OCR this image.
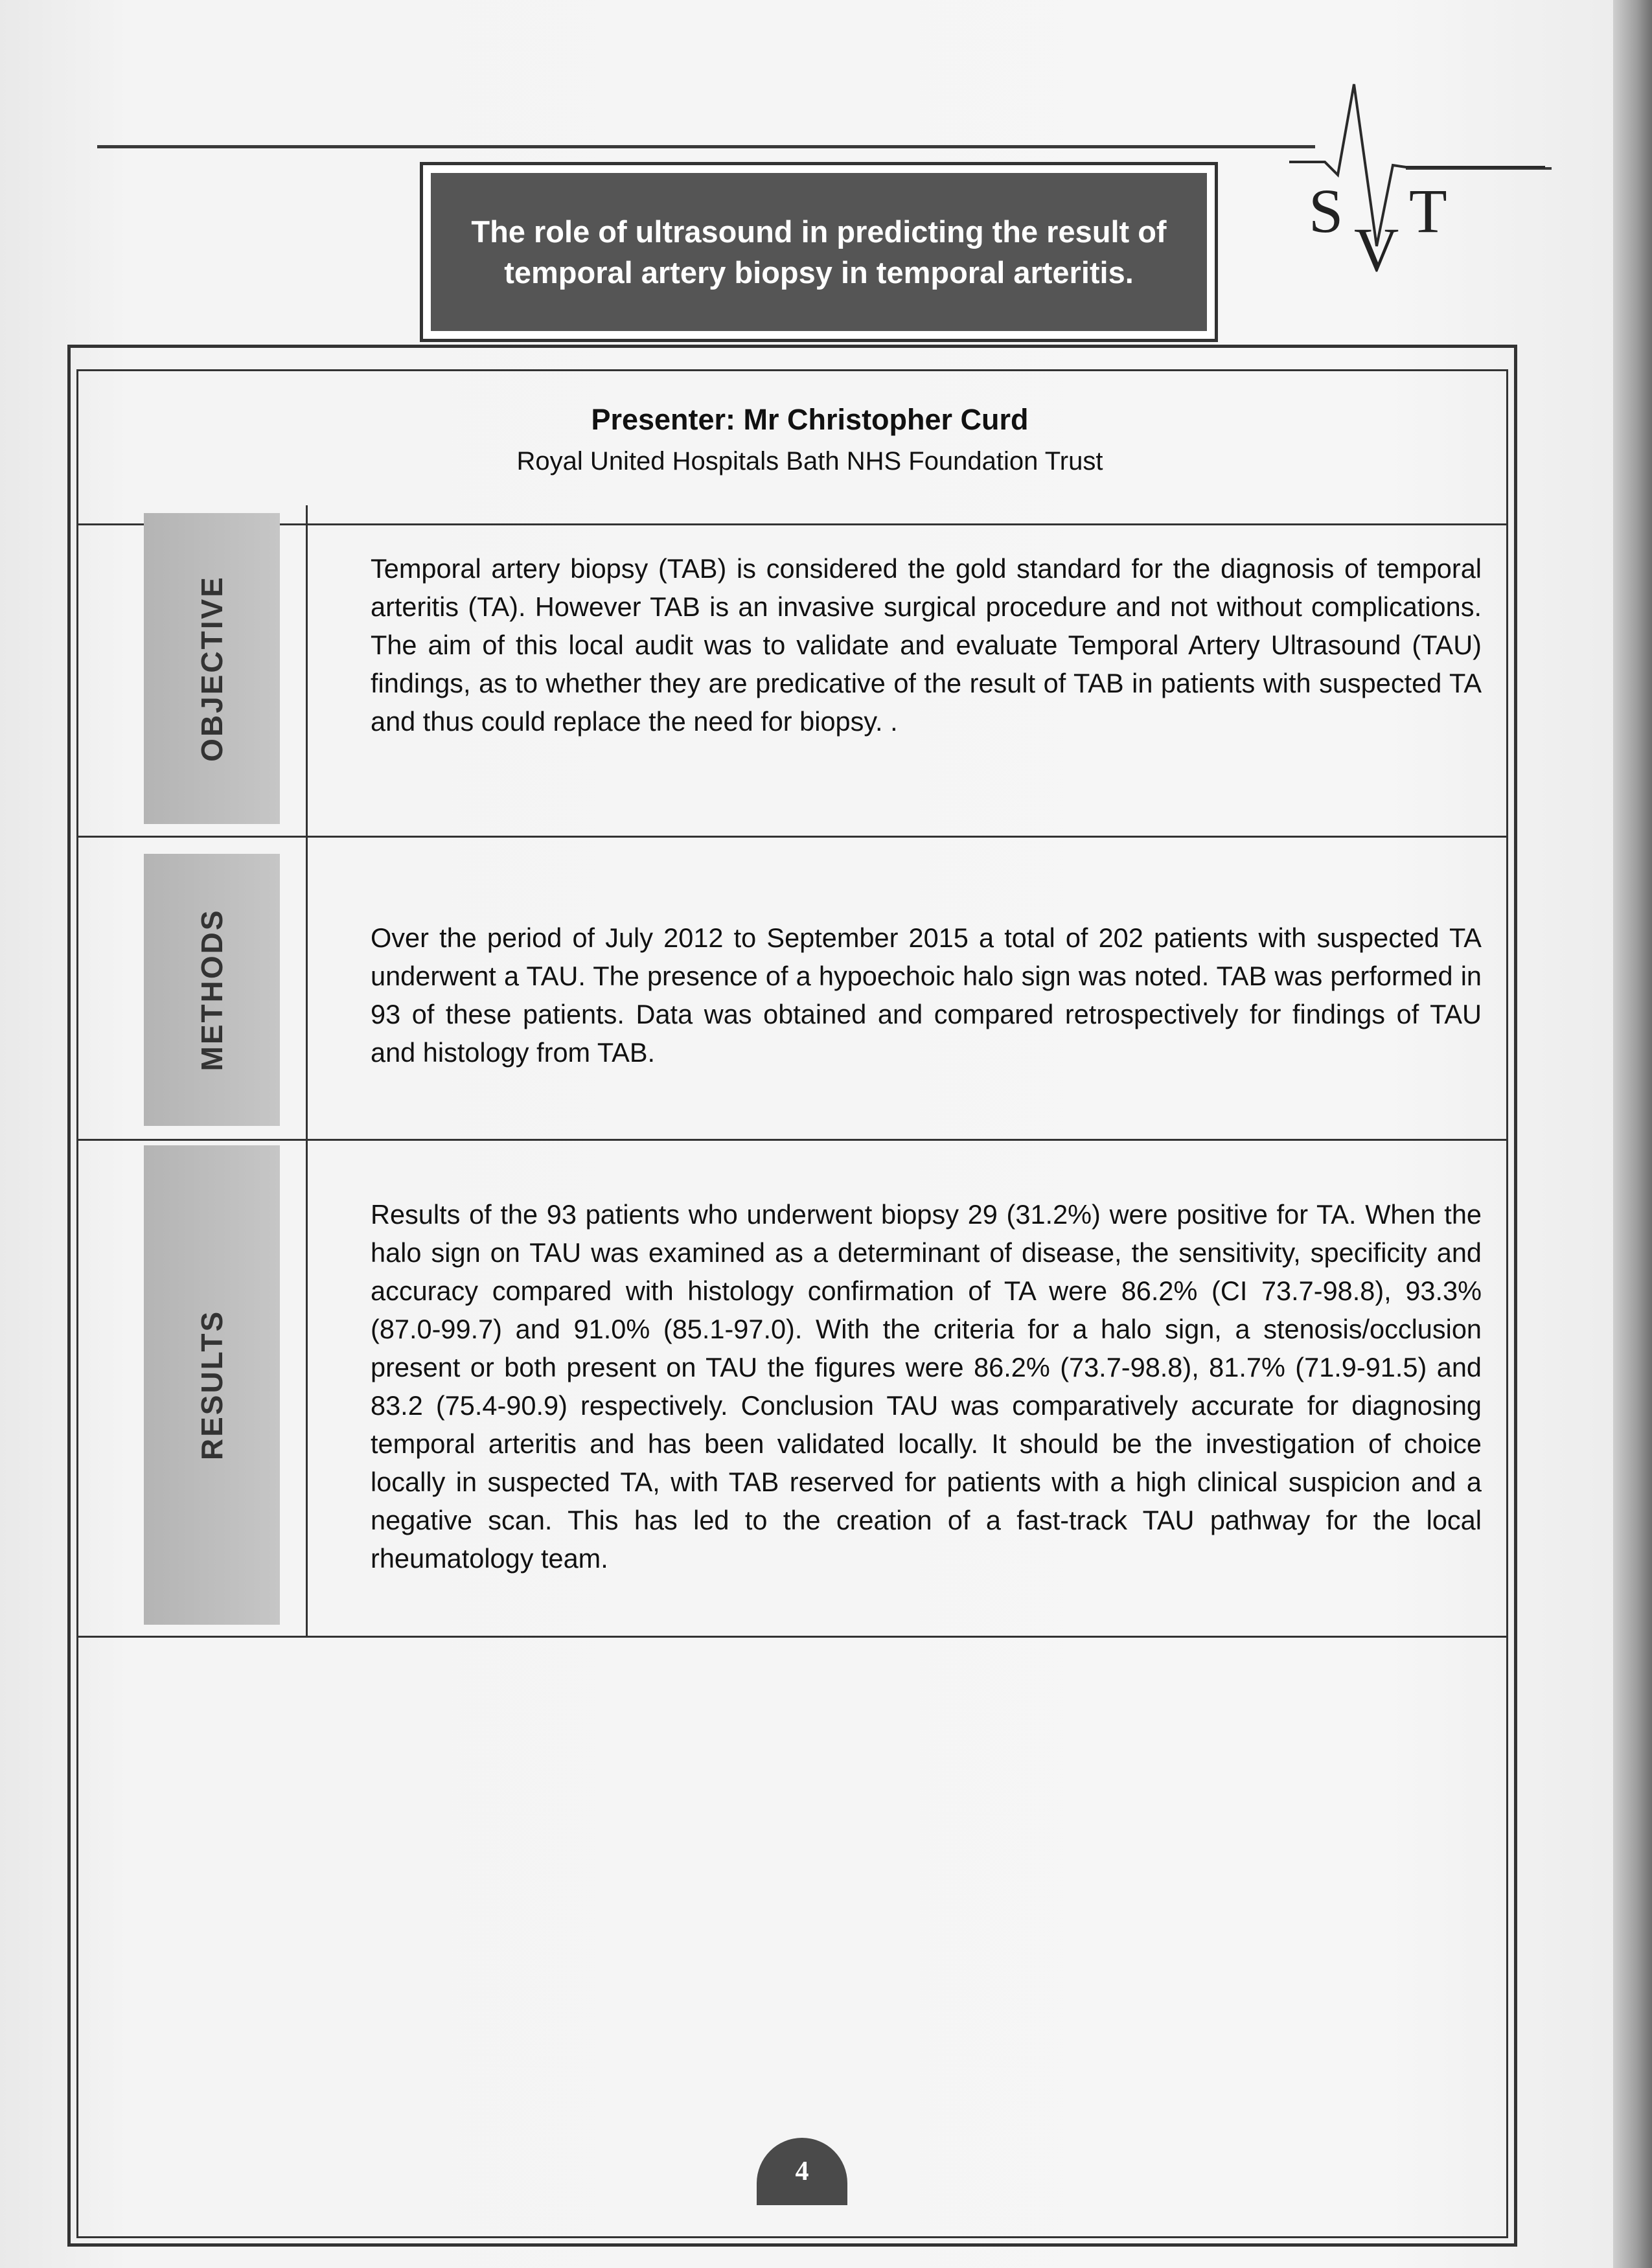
S
V
T
The role of ultrasound in predicting the result of
temporal artery biopsy in temporal arteritis.
Presenter: Mr Christopher Curd
Royal United Hospitals Bath NHS Foundation Trust
OBJECTIVE
Temporal artery biopsy (TAB) is considered the gold standard for the diagnosis of temporal arteritis (TA). However TAB is an invasive surgical procedure and not without complications. The aim of this local audit was to validate and evaluate Temporal Artery Ultrasound (TAU) findings, as to whether they are predicative of the result of TAB in patients with suspected TA and thus could replace the need for biopsy. .
METHODS	Over the period of July 2012 to September 2015 a total of 202 patients with suspected TA underwent a TAU. The presence of a hypoechoic halo sign was noted. TAB was performed in 93 of these patients. Data was obtained and compared retrospectively for findings of TAU and histology from TAB.
RESULTS
Results of the 93 patients who underwent biopsy 29 (31.2%) were positive for TA. When the halo sign on TAU was examined as a determinant of disease, the sensitivity, specificity and accuracy compared with histology confirmation of TA were 86.2% (CI 73.7-98.8), 93.3% (87.0-99.7) and 91.0% (85.1-97.0). With the criteria for a halo sign, a stenosis/occlusion present or both present on TAU the figures were 86.2% (73.7-98.8), 81.7% (71.9-91.5) and 83.2 (75.4-90.9) respectively. Conclusion TAU was comparatively accurate for diagnosing temporal arteritis and has been validated locally. It should be the investigation of choice locally in suspected TA, with TAB reserved for patients with a high clinical suspicion and a negative scan. This has led to the creation of a fast-track TAU pathway for the local rheumatology team.
4
